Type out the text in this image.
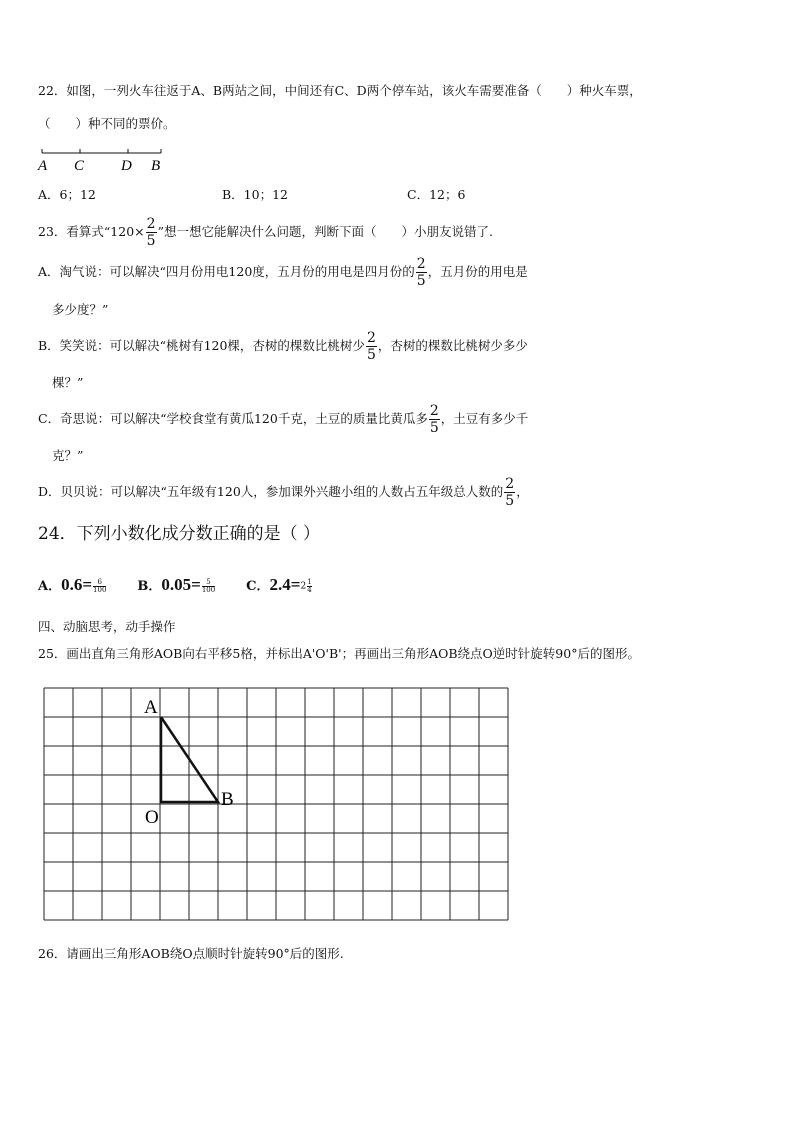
22．如图，一列火车往返于A、B两站之间，中间还有C、D两个停车站，该火车需要准备（　　）种火车票，
（　　）种不同的票价。
A C D B
A．6；12	B．10；12	C．12；6
23．看算式“$120\times \frac{2}{5}$ ”想一想它能解决什么问题，判断下面（　　）小朋友说错了.
A．淘气说：可以解决“四月份用电120度，五月份的用电是四月份的 $\frac{2}{5}$ ，五月份的用电是
多少度？”
B．笑笑说：可以解决“桃树有120棵，杏树的棵数比桃树少 $\frac{2}{5}$ ，杏树的棵数比桃树少多少
棵？”
C．奇思说：可以解决“学校食堂有黄瓜120千克，土豆的质量比黄瓜多 $\frac{2}{5}$ ，土豆有多少千
克？”
D．贝贝说：可以解决“五年级有120人，参加课外兴趣小组的人数占五年级总人数的 $\frac{2}{5}$ ，
24．下列小数化成分数正确的是（ ）
A．$0.6= \frac{6}{100}$ B．$0.05= \frac{5}{100}$ C．$2.4=2 \frac{1}{4}$
四、动脑思考，动手操作
25．画出直角三角形AOB向右平移5格，并标出A'O'B'；再画出三角形AOB绕点O逆时针旋转90°后的图形。
A
B
O
26．请画出三角形AOB绕O点顺时针旋转90°后的图形.
